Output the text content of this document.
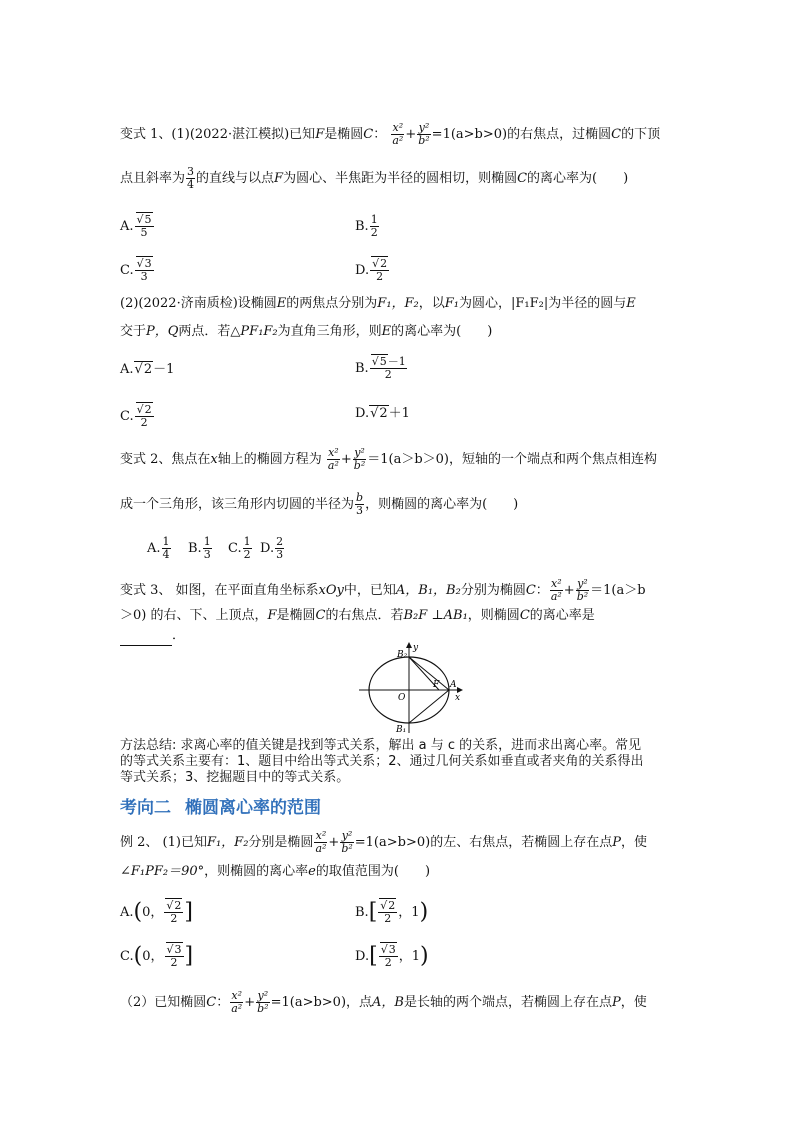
变式 1、(1)(2022·湛江模拟)已知F是椭圆C： $\frac{\text{x²}}{\text{a²}} + \frac{\text{y²}}{\text{b²}} =1(a>b>0)$的右焦点，过椭圆C的下顶
点且斜率为 $\frac{3}{4}$ 的直线与以点F为圆心、半焦距为半径的圆相切，则椭圆C的离心率为(　　)
A. √ $\frac{5}{5}$	B. $\frac{1}{2}$
C. √ $\frac{3}{3}$	D. √ $\frac{2}{2}$
(2)(2022·济南质检)设椭圆E的两焦点分别为F₁，F₂，以F₁为圆心，|F₁F₂|为半径的圆与E
交于P，Q两点．若△PF₁F₂为直角三角形，则E的离心率为(　　)
A. √ 2－1	B. √ $\frac{5-1}{2}$
C. √ $\frac{2}{2}$	D. √ 2＋1
变式 2、焦点在x轴上的椭圆方程为 $\frac{\text{x²}}{\text{a²}} + \frac{\text{y²}}{\text{b²}} =1(a>b>0)$，短轴的一个端点和两个焦点相连构
成一个三角形，该三角形内切圆的半径为 $\frac{b}{3}$ ，则椭圆的离心率为(　　)
A. $\frac{1}{4} B$. $\frac{1}{3} C$. $\frac{1}{2} D$. $\frac{2}{3}$
变式 3、 如图，在平面直角坐标系xOy中，已知A，B₁，B₂分别为椭圆C： $\frac{\text{x²}}{\text{a²}} + \frac{\text{y²}}{\text{b²}} =1(a>b$
＞0) 的右、下、上顶点，F是椭圆C的右焦点．若B₂F ⊥AB₁，则椭圆C的离心率是
．
y
x
B₂
B₁
O
F A
方法总结: 求离心率的值关键是找到等式关系，解出 a 与 c 的关系，进而求出离心率。常见
的等式关系主要有：1、题目中给出等式关系；2、通过几何关系如垂直或者夹角的关系得出
等式关系；3、挖掘题目中的等式关系。
考向二 椭圆离心率的范围
例 2、 (1)已知F₁，F₂分别是椭圆 $\frac{\text{x²}}{\text{a²}} + \frac{\text{y²}}{\text{b²}} =1(a>b>0)$的左、右焦点，若椭圆上存在点P，使
∠F₁PF₂＝90°，则椭圆的离心率e的取值范围为(　　)
A.(0， √ $\frac{2}{2}$ ]	B.[ √ $\frac{2}{2}$ ，1)
C.(0， √ $\frac{3}{2}$ ]	D.[ √ $\frac{3}{2}$ ，1)
（2）已知椭圆C： $\frac{\text{x²}}{\text{a²}} + \frac{\text{y²}}{\text{b²}} =1(a>b>0)$，点A，B是长轴的两个端点，若椭圆上存在点P，使
